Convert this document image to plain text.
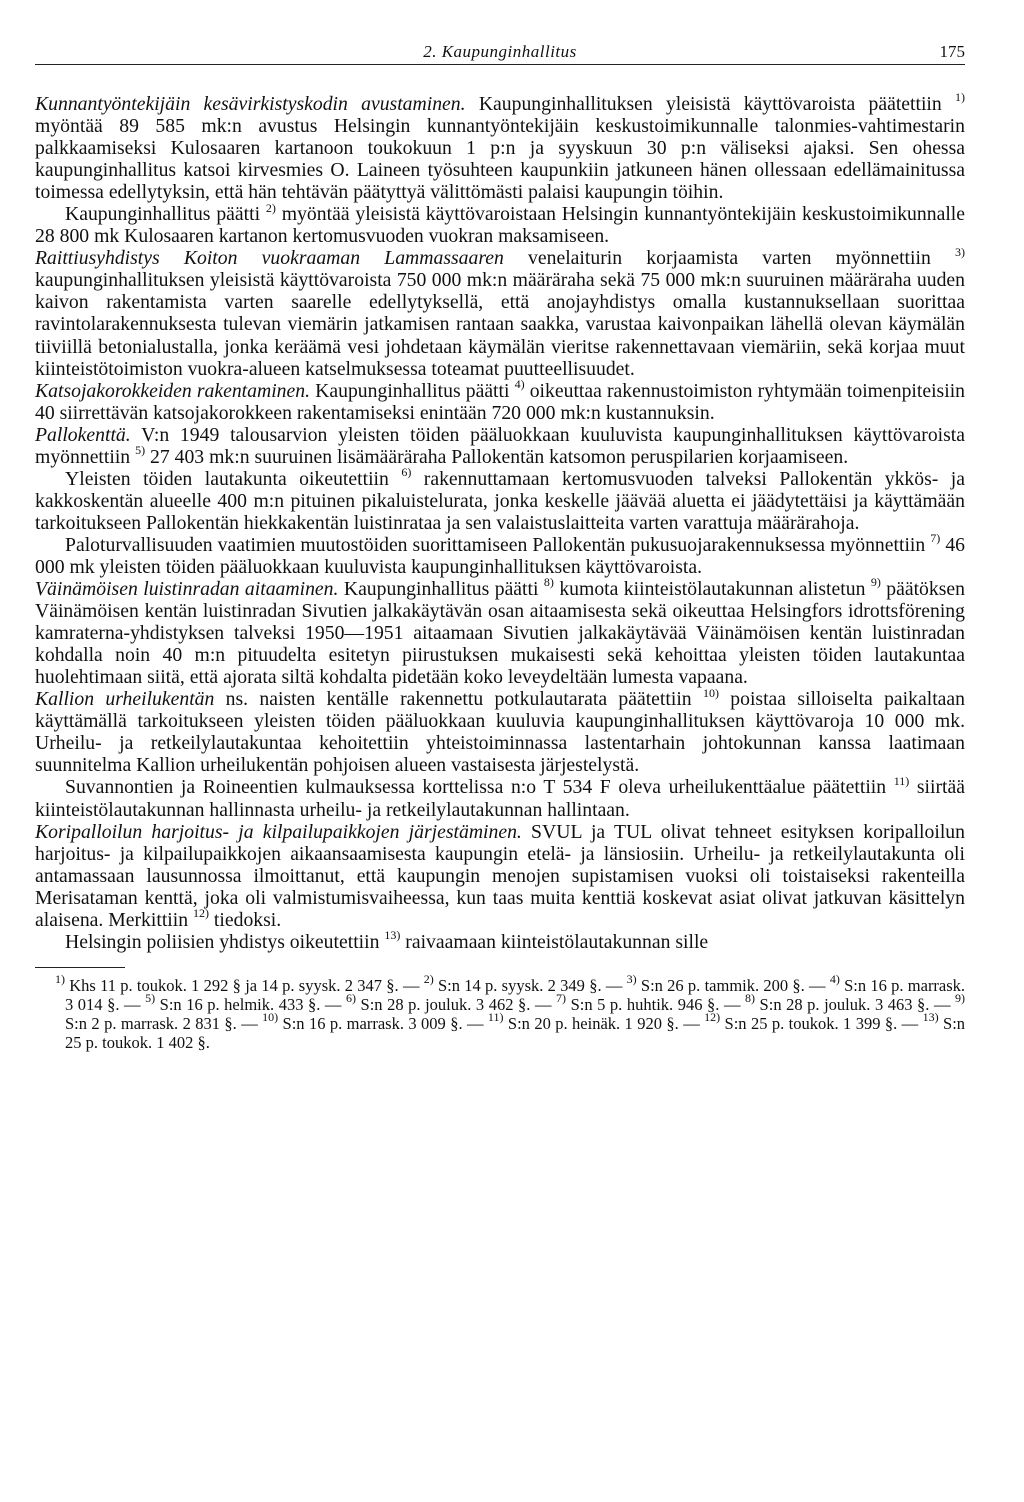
2. Kaupunginhallitus	175

Kunnantyöntekijäin kesävirkistyskodin avustaminen. Kaupunginhallituksen yleisistä käyttövaroista päätettiin $^{1)}$ myöntää 89 585 mk:n avustus Helsingin kunnantyöntekijäin keskustoimikunnalle talonmies-vahtimestarin palkkaamiseksi Kulosaaren kartanoon toukokuun 1 p:n ja syyskuun 30 p:n väliseksi ajaksi. Sen ohessa kaupunginhallitus katsoi kirvesmies O. Laineen työsuhteen kaupunkiin jatkuneen hänen ollessaan edellämainitussa toimessa edellytyksin, että hän tehtävän päätyttyä välittömästi palaisi kaupungin töihin.

Kaupunginhallitus päätti $^{2)}$ myöntää yleisistä käyttövaroistaan Helsingin kunnantyöntekijäin keskustoimikunnalle 28 800 mk Kulosaaren kartanon kertomusvuoden vuokran maksamiseen.

Raittiusyhdistys Koiton vuokraaman Lammassaaren venelaiturin korjaamista varten myönnettiin $^{3)}$ kaupunginhallituksen yleisistä käyttövaroista 750 000 mk:n määräraha sekä 75 000 mk:n suuruinen määräraha uuden kaivon rakentamista varten saarelle edellytyksellä, että anojayhdistys omalla kustannuksellaan suorittaa ravintolarakennuksesta tulevan viemärin jatkamisen rantaan saakka, varustaa kaivonpaikan lähellä olevan käymälän tiiviillä betonialustalla, jonka keräämä vesi johdetaan käymälän vieritse rakennettavaan viemäriin, sekä korjaa muut kiinteistötoimiston vuokra-alueen katselmuksessa toteamat puutteellisuudet.

Katsojakorokkeiden rakentaminen. Kaupunginhallitus päätti $^{4)}$ oikeuttaa rakennustoimiston ryhtymään toimenpiteisiin 40 siirrettävän katsojakorokkeen rakentamiseksi enintään 720 000 mk:n kustannuksin.

Pallokenttä. V:n 1949 talousarvion yleisten töiden pääluokkaan kuuluvista kaupunginhallituksen käyttövaroista myönnettiin $^{5)}$ 27 403 mk:n suuruinen lisämääräraha Pallokentän katsomon peruspilarien korjaamiseen.

Yleisten töiden lautakunta oikeutettiin $^{6)}$ rakennuttamaan kertomusvuoden talveksi Pallokentän ykkös- ja kakkoskentän alueelle 400 m:n pituinen pikaluistelurata, jonka keskelle jäävää aluetta ei jäädytettäisi ja käyttämään tarkoitukseen Pallokentän hiekkakentän luistinrataa ja sen valaistuslaitteita varten varattuja määrärahoja.

Paloturvallisuuden vaatimien muutostöiden suorittamiseen Pallokentän pukusuojarakennuksessa myönnettiin $^{7)}$ 46 000 mk yleisten töiden pääluokkaan kuuluvista kaupunginhallituksen käyttövaroista.

Väinämöisen luistinradan aitaaminen. Kaupunginhallitus päätti $^{8)}$ kumota kiinteistölautakunnan alistetun $^{9)}$ päätöksen Väinämöisen kentän luistinradan Sivutien jalkakäytävän osan aitaamisesta sekä oikeuttaa Helsingfors idrottsförening kamraterna-yhdistyksen talveksi 1950—1951 aitaamaan Sivutien jalkakäytävää Väinämöisen kentän luistinradan kohdalla noin 40 m:n pituudelta esitetyn piirustuksen mukaisesti sekä kehoittaa yleisten töiden lautakuntaa huolehtimaan siitä, että ajorata siltä kohdalta pidetään koko leveydeltään lumesta vapaana.

Kallion urheilukentän ns. naisten kentälle rakennettu potkulautarata päätettiin $^{10)}$ poistaa silloiselta paikaltaan käyttämällä tarkoitukseen yleisten töiden pääluokkaan kuuluvia kaupunginhallituksen käyttövaroja 10 000 mk. Urheilu- ja retkeilylautakuntaa kehoitettiin yhteistoiminnassa lastentarhain johtokunnan kanssa laatimaan suunnitelma Kallion urheilukentän pohjoisen alueen vastaisesta järjestelystä.

Suvannontien ja Roineentien kulmauksessa korttelissa n:o T 534 F oleva urheilukenttäalue päätettiin $^{11)}$ siirtää kiinteistölautakunnan hallinnasta urheilu- ja retkeilylautakunnan hallintaan.

Koripalloilun harjoitus- ja kilpailupaikkojen järjestäminen. SVUL ja TUL olivat tehneet esityksen koripalloilun harjoitus- ja kilpailupaikkojen aikaansaamisesta kaupungin etelä- ja länsiosiin. Urheilu- ja retkeilylautakunta oli antamassaan lausunnossa ilmoittanut, että kaupungin menojen supistamisen vuoksi oli toistaiseksi rakenteilla Merisataman kenttä, joka oli valmistumisvaiheessa, kun taas muita kenttiä koskevat asiat olivat jatkuvan käsittelyn alaisena. Merkittiin $^{12)}$ tiedoksi.

Helsingin poliisien yhdistys oikeutettiin $^{13)}$ raivaamaan kiinteistölautakunnan sille

$^{1)}$ Khs 11 p. toukok. 1 292 § ja 14 p. syysk. 2 347 §. — $^{2)}$ S:n 14 p. syysk. 2 349 §. — $^{3)}$ S:n 26 p. tammik. 200 §. — $^{4)}$ S:n 16 p. marrask. 3 014 §. — $^{5)}$ S:n 16 p. helmik. 433 §. — $^{6)}$ S:n 28 p. jouluk. 3 462 §. — $^{7)}$ S:n 5 p. huhtik. 946 §. — $^{8)}$ S:n 28 p. jouluk. 3 463 §. — $^{9)}$ S:n 2 p. marrask. 2 831 §. — $^{10)}$ S:n 16 p. marrask. 3 009 §. — $^{11)}$ S:n 20 p. heinäk. 1 920 §. — $^{12)}$ S:n 25 p. toukok. 1 399 §. — $^{13)}$ S:n 25 p. toukok. 1 402 §.
